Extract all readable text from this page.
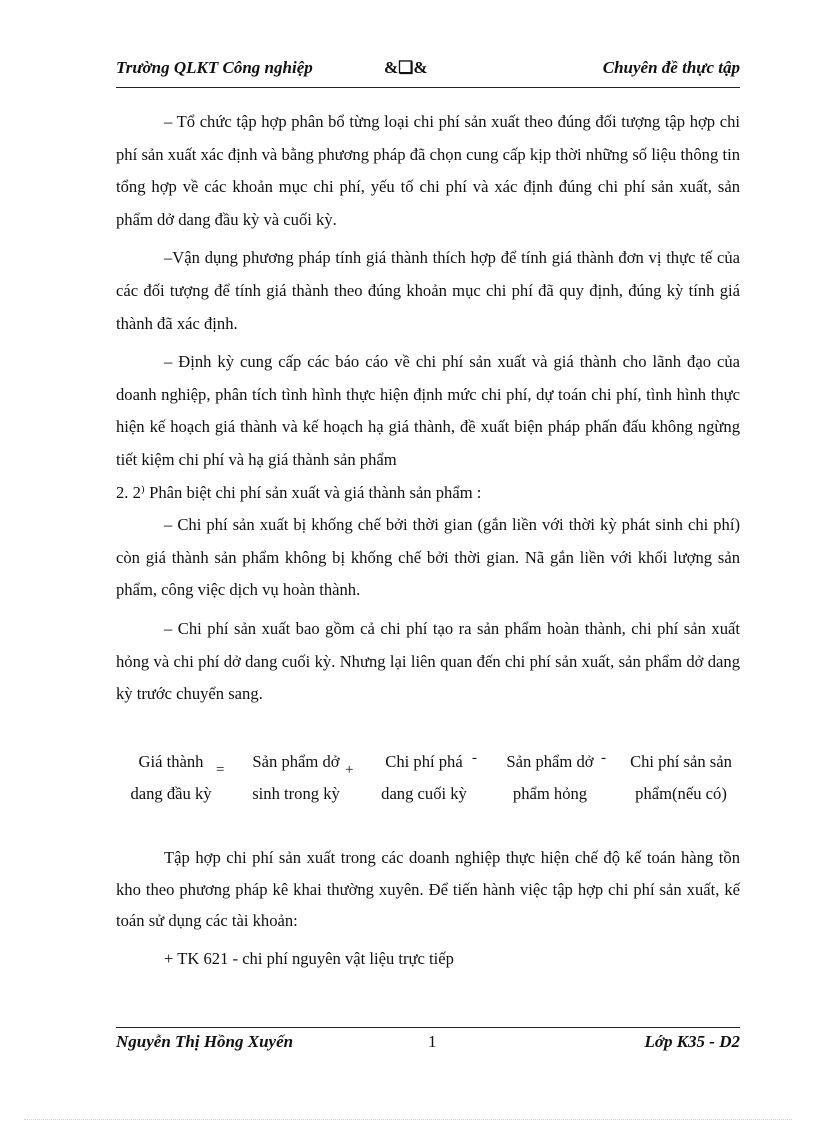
Trường QLKT Công nghiệp	&❑&	Chuyên đề thực tập

– Tổ chức tập hợp phân bổ từng loại chi phí sản xuất theo đúng đối tượng tập hợp chi phí sản xuất xác định và bằng phương pháp đã chọn cung cấp kịp thời những số liệu thông tin tổng hợp về các khoản mục chi phí, yếu tố chi phí và xác định đúng chi phí sản xuất, sản phẩm dở dang đầu kỳ và cuối kỳ.

–Vận dụng phương pháp tính giá thành thích hợp để tính giá thành đơn vị thực tế của các đối tượng để tính giá thành theo đúng khoản mục chi phí đã quy định, đúng kỳ tính giá thành đã xác định.

– Định kỳ cung cấp các báo cáo về chi phí sản xuất và giá thành cho lãnh đạo của doanh nghiệp, phân tích tình hình thực hiện định mức chi phí, dự toán chi phí, tình hình thực hiện kế hoạch giá thành và kế hoạch hạ giá thành, đề xuất biện pháp phấn đấu không ngừng tiết kiệm chi phí và hạ giá thành sản phẩm

2. 2⁾ Phân biệt chi phí sản xuất và giá thành sản phẩm :

– Chi phí sản xuất bị khống chế bởi thời gian (gắn liền với thời kỳ phát sinh chi phí) còn giá thành sản phẩm không bị khống chế bởi thời gian. Nã gắn liền với khối lượng sản phẩm, công việc dịch vụ hoàn thành.

– Chi phí sản xuất bao gồm cả chi phí tạo ra sản phẩm hoàn thành, chi phí sản xuất hỏng và chi phí dở dang cuối kỳ. Nhưng lại liên quan đến chi phí sản xuất, sản phẩm dở dang kỳ trước chuyển sang.

Giá thành
dang đầu kỳ
=	Sản phẩm dở
sinh trong kỳ
+	Chi phí phá
dang cuối kỳ
-	Sản phẩm dở
phẩm hỏng
-	Chi phí sản sản
phẩm(nếu có)

Tập hợp chi phí sản xuất trong các doanh nghiệp thực hiện chế độ kế toán hàng tồn kho theo phương pháp kê khai thường xuyên. Để tiến hành việc tập hợp chi phí sản xuất, kế toán sử dụng các tài khoản:

+ TK 621 - chi phí nguyên vật liệu trực tiếp

Nguyễn Thị Hồng Xuyến	1	Lớp K35 - D2
